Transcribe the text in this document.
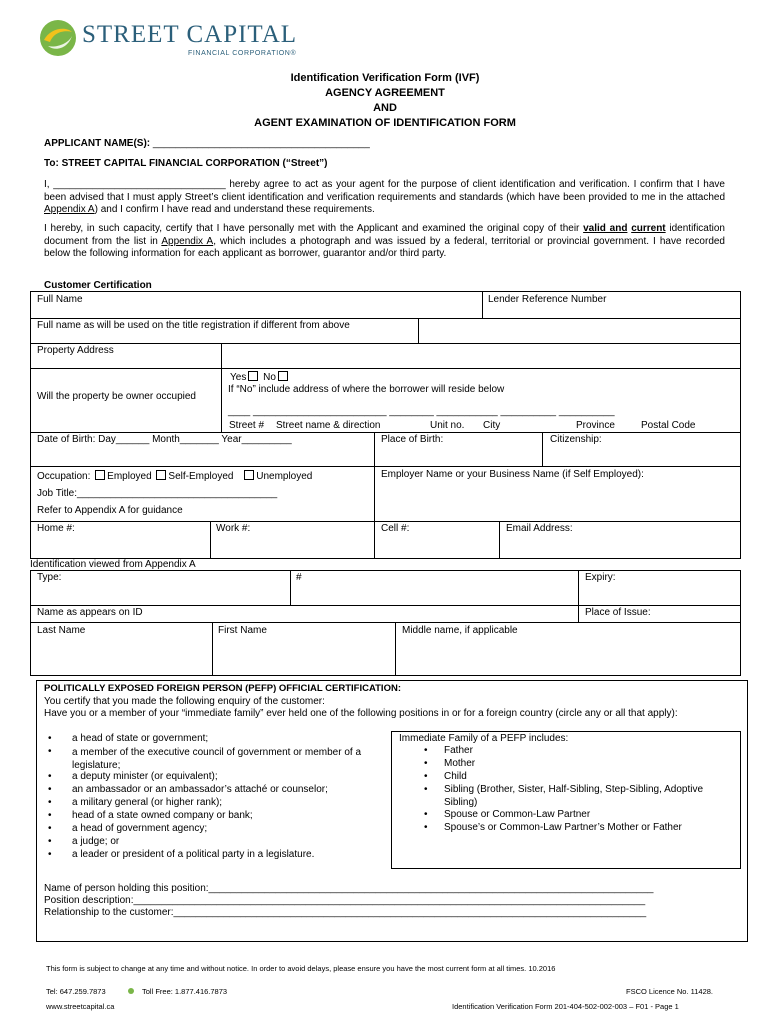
STREET CAPITAL
FINANCIAL CORPORATION®
Identification Verification Form (IVF)
AGENCY AGREEMENT
AND
AGENT EXAMINATION OF IDENTIFICATION FORM
APPLICANT NAME(S): _______________________________________
To: STREET CAPITAL FINANCIAL CORPORATION (“Street”)
I, _______________________________ hereby agree to act as your agent for the purpose of client identification and verification. I confirm that I have been advised that I must apply Street’s client identification and verification requirements and standards (which have been provided to me in the attached Appendix A) and I confirm I have read and understand these requirements.
I hereby, in such capacity, certify that I have personally met with the Applicant and examined the original copy of their valid and current identification document from the list in Appendix A, which includes a photograph and was issued by a federal, territorial or provincial government. I have recorded below the following information for each applicant as borrower, guarantor and/or third party.
Customer Certification
Full Name	Lender Reference Number
Full name as will be used on the title registration if different from above
Property Address
Will the property be owner occupied
Yes No
If “No” include address of where the borrower will reside below
____ ________________________ ________ ___________ __________ __________
Street # Street name & direction	Unit no. City	Province	Postal Code
Date of Birth: Day______ Month_______ Year_________	Place of Birth:	Citizenship:
Occupation: Employed Self-Employed Unemployed	Employer Name or your Business Name (if Self Employed):
Job Title:____________________________________
Refer to Appendix A for guidance
Home #:	Work #:	Cell #:	Email Address:
Identification viewed from Appendix A
Type:	#	Expiry:
Name as appears on ID	Place of Issue:
Last Name	First Name	Middle name, if applicable
POLITICALLY EXPOSED FOREIGN PERSON (PEFP) OFFICIAL CERTIFICATION:
You certify that you made the following enquiry of the customer:
Have you or a member of your “immediate family” ever held one of the following positions in or for a foreign country (circle any or all that apply):
• a head of state or government;
• a member of the executive council of government or member of a legislature;
• a deputy minister (or equivalent);
• an ambassador or an ambassador’s attaché or counselor;
• a military general (or higher rank);
• head of a state owned company or bank;
• a head of government agency;
• a judge; or
• a leader or president of a political party in a legislature.
Immediate Family of a PEFP includes:
• Father
• Mother
• Child
• Sibling (Brother, Sister, Half-Sibling, Step-Sibling, Adoptive Sibling)
• Spouse or Common-Law Partner
• Spouse’s or Common-Law Partner’s Mother or Father
Name of person holding this position:________________________________________________________________________________
Position description:____________________________________________________________________________________________
Relationship to the customer:_____________________________________________________________________________________
This form is subject to change at any time and without notice. In order to avoid delays, please ensure you have the most current form at all times. 10.2016
Tel: 647.259.7873	Toll Free: 1.877.416.7873	FSCO Licence No. 11428.
www.streetcapital.ca	Identification Verification Form 201-404-502-002-003 – F01 - Page 1
